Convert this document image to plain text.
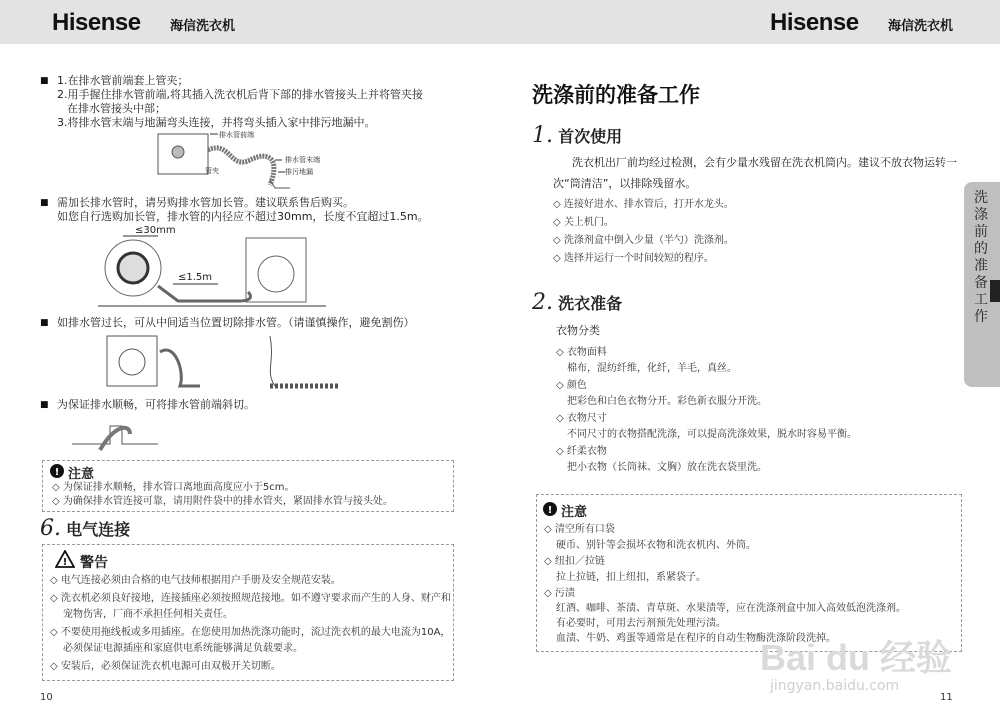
Hisense 海信洗衣机	Hisense 海信洗衣机
■ 1.在排水管前端套上管夹；
2.用手握住排水管前端,将其插入洗衣机后背下部的排水管接头上并将管夹接
在排水管接头中部；
3.将排水管末端与地漏弯头连接，并将弯头插入家中排污地漏中。
排水管前端
管夹
排水管末端
排污地漏
■ 需加长排水管时，请另购排水管加长管。建议联系售后购买。
如您自行选购加长管，排水管的内径应不超过30mm，长度不宜超过1.5m。
≤30mm
≤1.5m
■ 如排水管过长，可从中间适当位置切除排水管。（请谨慎操作，避免割伤）
■ 为保证排水顺畅，可将排水管前端斜切。
! 注意
◇ 为保证排水顺畅，排水管口离地面高度应小于5cm。
◇ 为确保排水管连接可靠，请用附件袋中的排水管夹，紧固排水管与接头处。
6. 电气连接
! 警告
◇ 电气连接必须由合格的电气技师根据用户手册及安全规范安装。
◇ 洗衣机必须良好接地，连接插座必须按照规范接地。如不遵守要求而产生的人身、财产和
宠物伤害，厂商不承担任何相关责任。
◇ 不要使用拖线板或多用插座。在您使用加热洗涤功能时，流过洗衣机的最大电流为10A，
必须保证电源插座和家庭供电系统能够满足负载要求。
◇ 安装后，必须保证洗衣机电源可由双极开关切断。
10
洗涤前的准备工作
1. 首次使用
洗衣机出厂前均经过检测，会有少量水残留在洗衣机筒内。建议不放衣物运转一
次“筒清洁”，以排除残留水。
◇ 连接好进水、排水管后，打开水龙头。
◇ 关上机门。
◇ 洗涤剂盒中倒入少量（半勺）洗涤剂。
◇ 选择并运行一个时间较短的程序。
2. 洗衣准备
衣物分类
◇ 衣物面料
棉布，混纺纤维，化纤，羊毛，真丝。
◇ 颜色
把彩色和白色衣物分开。彩色新衣服分开洗。
◇ 衣物尺寸
不同尺寸的衣物搭配洗涤，可以提高洗涤效果，脱水时容易平衡。
◇ 纤柔衣物
把小衣物（长筒袜、文胸）放在洗衣袋里洗。
! 注意
◇ 清空所有口袋
硬币、别针等会损坏衣物和洗衣机内、外筒。
◇ 纽扣／拉链
拉上拉链，扣上纽扣，系紧袋子。
◇ 污渍
红酒、咖啡、茶渍、青草斑、水果渍等，应在洗涤剂盒中加入高效低泡洗涤剂。
有必要时，可用去污剂预先处理污渍。
血渍、牛奶、鸡蛋等通常是在程序的自动生物酶洗涤阶段洗掉。
洗涤前的准备工作
11
Bai du 经验
jingyan.baidu.com
